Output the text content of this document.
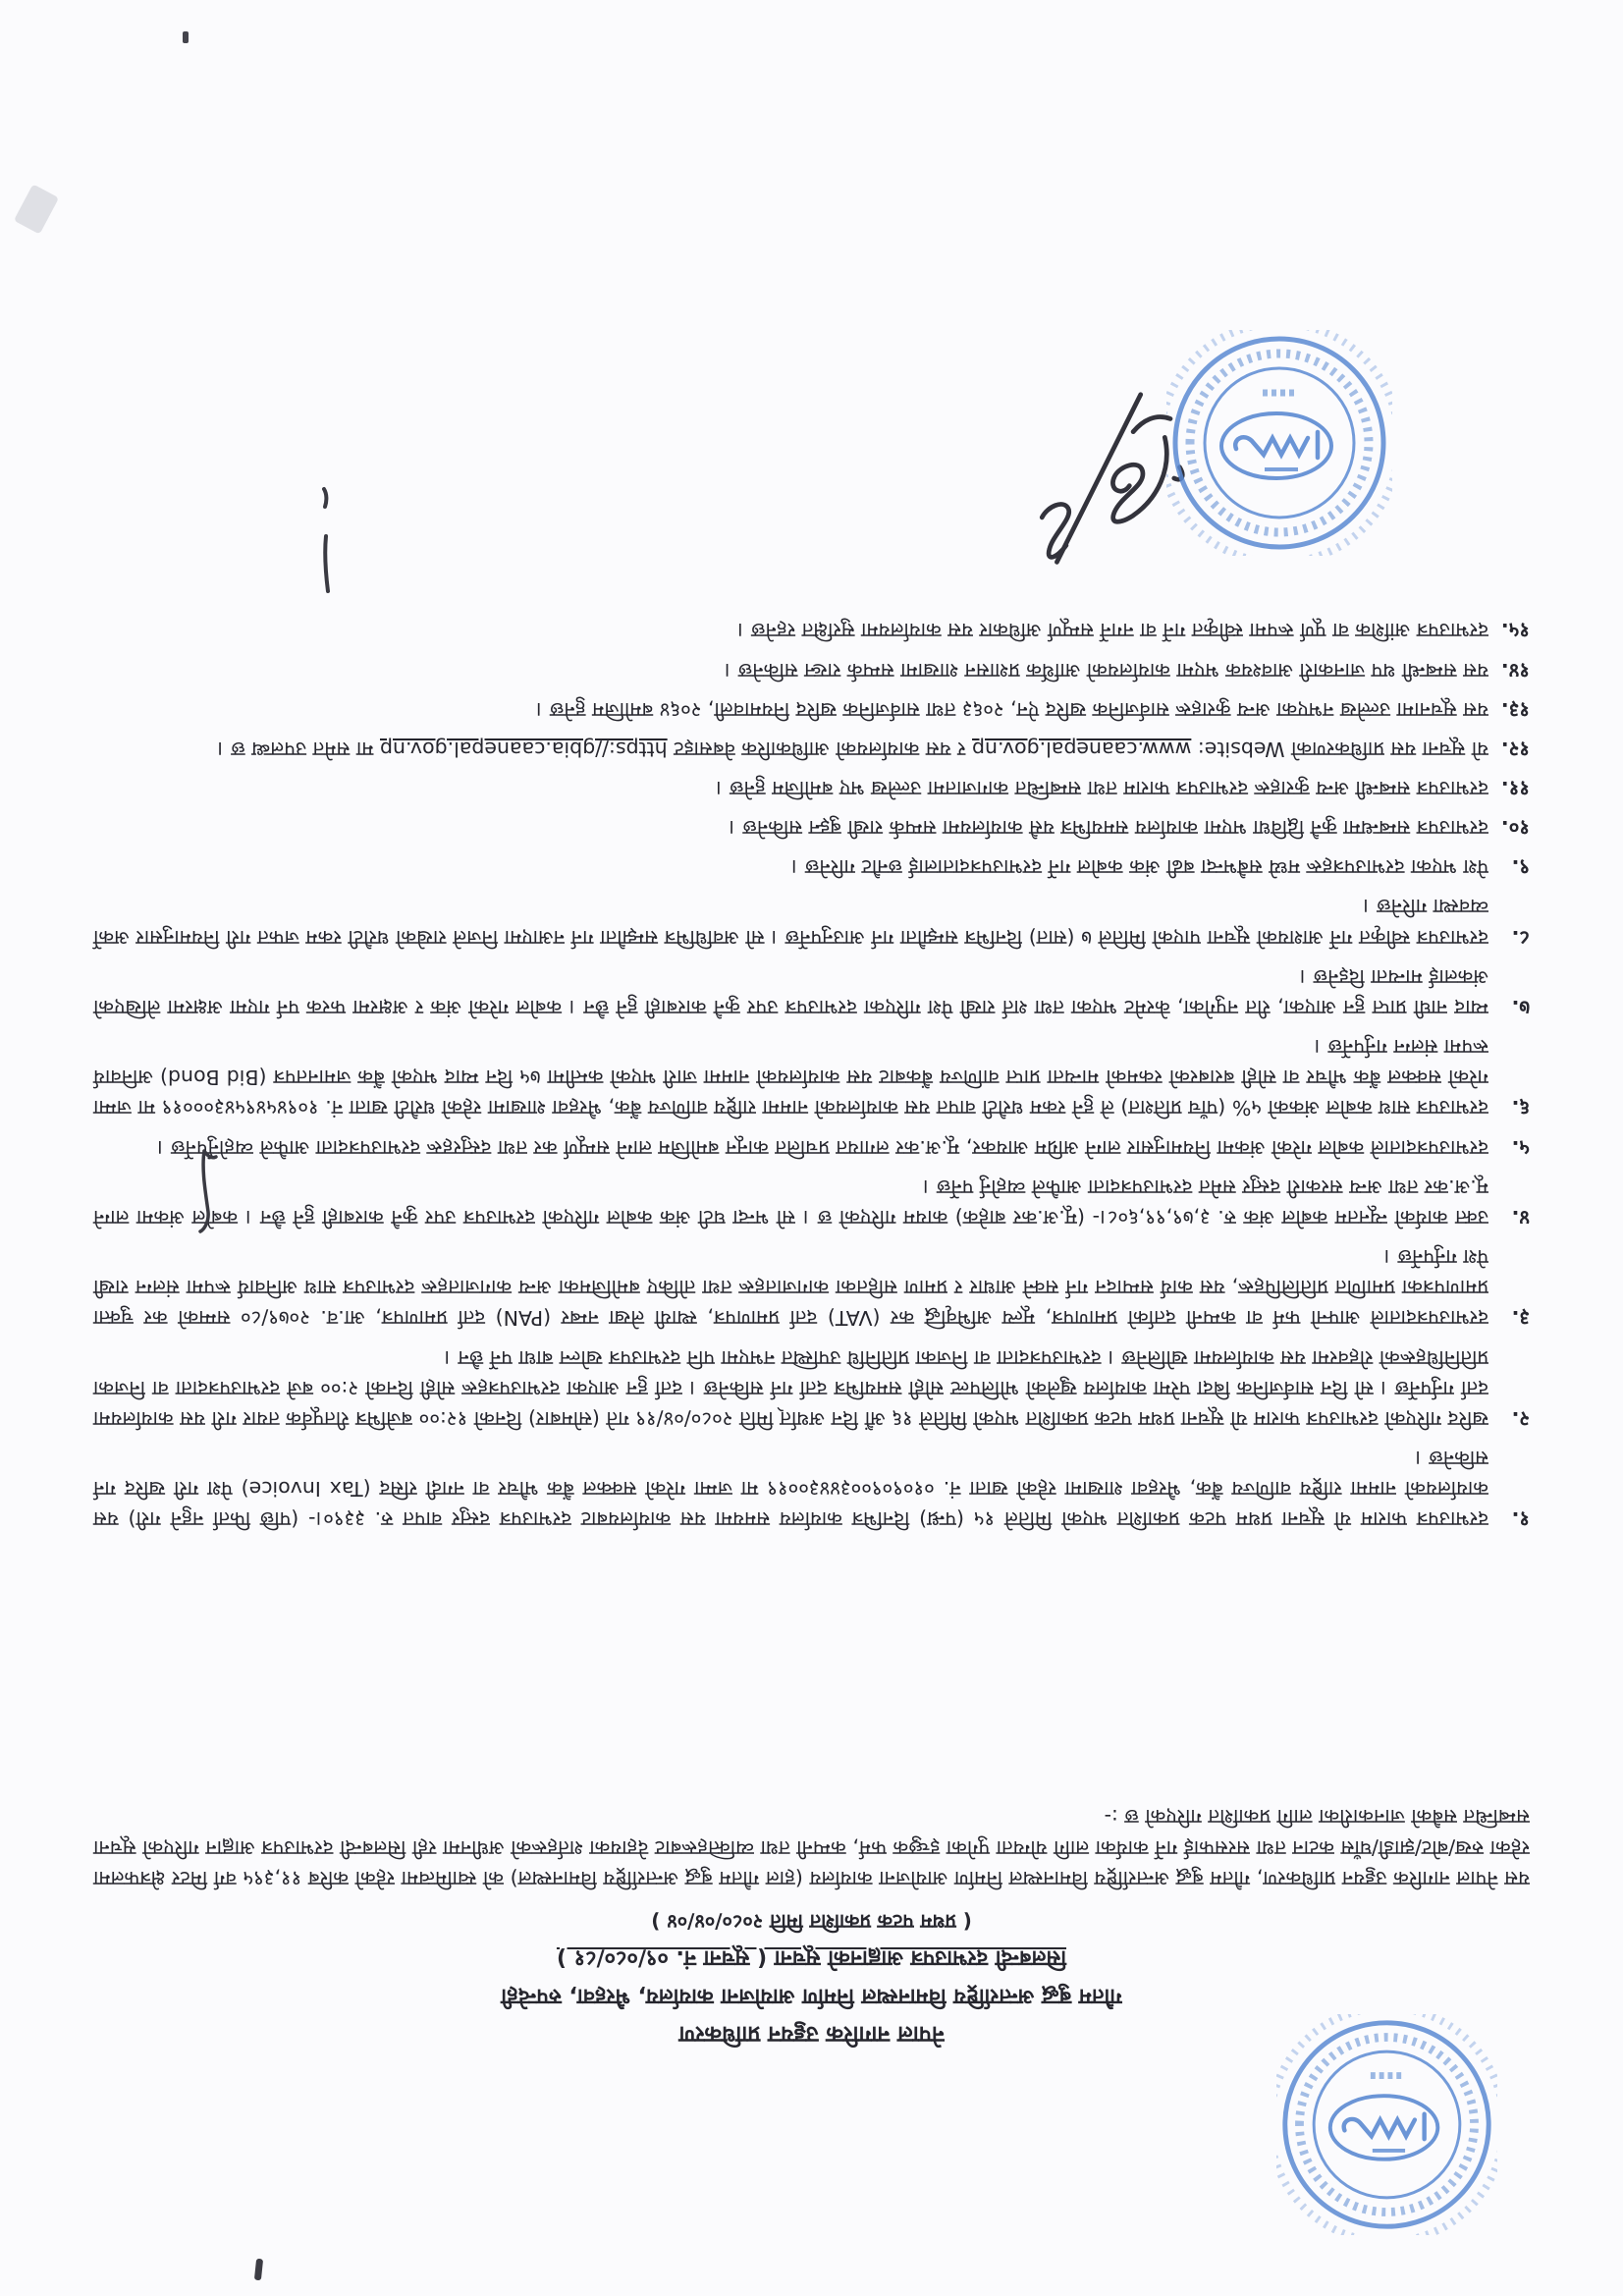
नेपाल नागरिक उड्डयन प्राधिकरण
गौतम बुद्ध अन्तर्राष्ट्रिय विमानस्थल निर्माण आयोजना कार्यालय, भैरहवा, रुपन्देही
सिलबन्दी दरभाउपत्र आह्वानको सूचना ( सूचना नं. ०९/०८०/८१ )
( प्रथम पटक प्रकाशित मिति २०८०/०४/०४ )

यस नेपाल नागरिक उड्डयन प्राधिकरण, गौतम बुद्ध अन्तर्राष्ट्रिय विमानस्थल निर्माण आयोजना कार्यालय (हाल गौतम बुद्ध अन्तर्राष्ट्रिय विमानस्थल) को स्वामित्वमा रहेको करिब ११,३९५ वर्ग मिटर क्षेत्रफलमा रहेका रुख/बोट/झाडी/घाँस कटान तथा सरसफाई गर्ने कार्यका लागि योग्यता पुगेका इच्छुक फर्म, कम्पनी तथा व्यक्तिहरूबाट देहायका शर्तहरूको अधीनमा रही सिलबन्दी दरभाउपत्र आह्वान गरिएको सूचना सम्बन्धित सबैको जानकारीका लागि प्रकाशित गरिएको छ :-

१.
दरभाउपत्र फाराम यो सूचना प्रथम पटक प्रकाशित भएको मितिले १५ (पन्ध्र) दिनभित्र कार्यालय समयमा यस कार्यालयबाट दरभाउपत्र दस्तुर वापत रु. ३३९०।- (पछि फिर्ता नहुने गरी) यस कार्यालयको नाममा राष्ट्रिय वाणिज्य बैंक, भैरहवा शाखामा रहेको खाता नं. ०१०९०९००३४४३००१९ मा जम्मा गरेको सक्कल बैंक भौचर वा नगदी रसिद (Tax Invoice) पेश गरी खरिद गर्न सकिनेछ ।
२.
खरिद गरिएको दरभाउपत्र फाराम यो सूचना प्रथम पटक प्रकाशित भएको मितिले १६ औं दिन अर्थात् मिति २०८०/०४/१९ गते (सोमबार) दिनको १२:०० बजेभित्र रीतपूर्वक तयार गरी यस कार्यालयमा दर्ता गर्नुपर्नेछ । सो दिन सार्वजनिक बिदा परेमा कार्यालय खुलेको भोलिपल्ट सोही समयभित्र दर्ता गर्न सकिनेछ । दर्ता हुन आएका दरभाउपत्रहरू सोही दिनको २:०० बजे दरभाउपत्रदाता वा निजका प्रतिनिधिहरूको रोहवरमा यस कार्यालयमा खोलिनेछ । दरभाउपत्रदाता वा निजका प्रतिनिधि उपस्थित नभएमा पनि दरभाउपत्र खोल्न बाधा पर्ने छैन ।
३.
दरभाउपत्रदाताले आफ्नो फर्म वा कम्पनी दर्ताको प्रमाणपत्र, मूल्य अभिवृद्धि कर (VAT) दर्ता प्रमाणपत्र, स्थायी लेखा नम्बर (PAN) दर्ता प्रमाणपत्र, आ.व. २०७९/८० सम्मको कर चुक्ता प्रमाणपत्रका प्रमाणित प्रतिलिपिहरू, यस कार्य सम्पादन गर्न सक्ने आधार र प्रमाण सहितका कागजातहरू तथा तोकिए बमोजिमका अन्य कागजातहरू दरभाउपत्र साथ अनिवार्य रूपमा संलग्न राखी पेश गर्नुपर्नेछ ।
४.
उक्त कार्यको न्यूनतम कबोल अंक रु. ३,७९,९९,६०८।- (मू.अ.कर बाहेक) कायम गरिएको छ । सो भन्दा घटी अंक कबोल गरिएको दरभाउपत्र उपर कुनै कारबाही हुने छैन । कबोल अंकमा लाग्ने मू.अ.कर तथा अन्य सरकारी दस्तुर समेत दरभाउपत्रदाता आफैले व्यहोर्नु पर्नेछ ।
५.
दरभाउपत्रदाताले कबोल गरेको अंकमा नियमानुसार लाग्ने अग्रिम आयकर, मू.अ.कर लगायत प्रचलित कानून बमोजिम लाग्ने सम्पूर्ण कर तथा दस्तुरहरू दरभाउपत्रदाता आफैले व्यहोर्नुपर्नेछ ।
६.
दरभाउपत्र साथ कबोल अंकको ५% (पाँच प्रतिशत) ले हुने रकम धरौटी वापत यस कार्यालयको नाममा राष्ट्रिय वाणिज्य बैंक, भैरहवा शाखामा रहेको धरौटी खाता नं. १०९४५४९५४३०००१९ मा जम्मा गरेको सक्कल बैंक भौचर वा सोही बराबरको रकमको मान्यता प्राप्त वाणिज्य बैंकबाट यस कार्यालयको नाममा जारी भएको कम्तीमा ७५ दिन म्याद भएको बैंक जमानतपत्र (Bid Bond) अनिवार्य रूपमा संलग्न गर्नुपर्नेछ ।
७.
म्याद नाघी प्राप्त हुन आएका, रीत नपुगेका, केरमेट भएका तथा शर्त राखी पेश गरिएका दरभाउपत्र उपर कुनै कारबाही हुने छैन । कबोल गरेको अंक र अक्षरमा फरक पर्न गएमा अक्षरमा लेखिएको अंकलाई मान्यता दिइनेछ ।
८.
दरभाउपत्र स्वीकृत गर्ने आशयको सूचना पाएको मितिले ७ (सात) दिनभित्र सम्झौता गर्न आउनुपर्नेछ । सो अवधिभित्र सम्झौता गर्न नआएमा निजले राखेको धरौटी रकम जफत गरी नियमानुसार अर्को व्यवस्था गरिनेछ ।
९.
पेश भएका दरभाउपत्रहरू मध्ये सबैभन्दा बढी अंक कबोल गर्ने दरभाउपत्रदातालाई छनौट गरिनेछ ।
१०.
दरभाउपत्र सम्बन्धमा कुनै द्विविधा भएमा कार्यालय समयभित्र यसै कार्यालयमा सम्पर्क राखी बुझ्न सकिनेछ ।
११.
दरभाउपत्र सम्बन्धी अन्य कुराहरू दरभाउपत्र फाराम तथा सम्बन्धित कागजातमा उल्लेख भए बमोजिम हुनेछ ।
१२.
यो सूचना यस प्राधिकरणको Website: www.caanepal.gov.np र यस कार्यालयको आधिकारिक वेबसाइट https://gbia.caanepal.gov.np मा समेत उपलब्ध छ ।
१३.
यस सूचनामा उल्लेख नभएका अन्य कुराहरू सार्वजनिक खरिद ऐन, २०६३ तथा सार्वजनिक खरिद नियमावली, २०६४ बमोजिम हुनेछ ।
१४.
यस सम्बन्धी थप जानकारी आवश्यक भएमा कार्यालयको आर्थिक प्रशासन शाखामा सम्पर्क राख्न सकिनेछ ।
१५.
दरभाउपत्र आंशिक वा पूर्ण रूपमा स्वीकृत गर्ने वा नगर्ने सम्पूर्ण अधिकार यस कार्यालयमा सुरक्षित रहनेछ ।
